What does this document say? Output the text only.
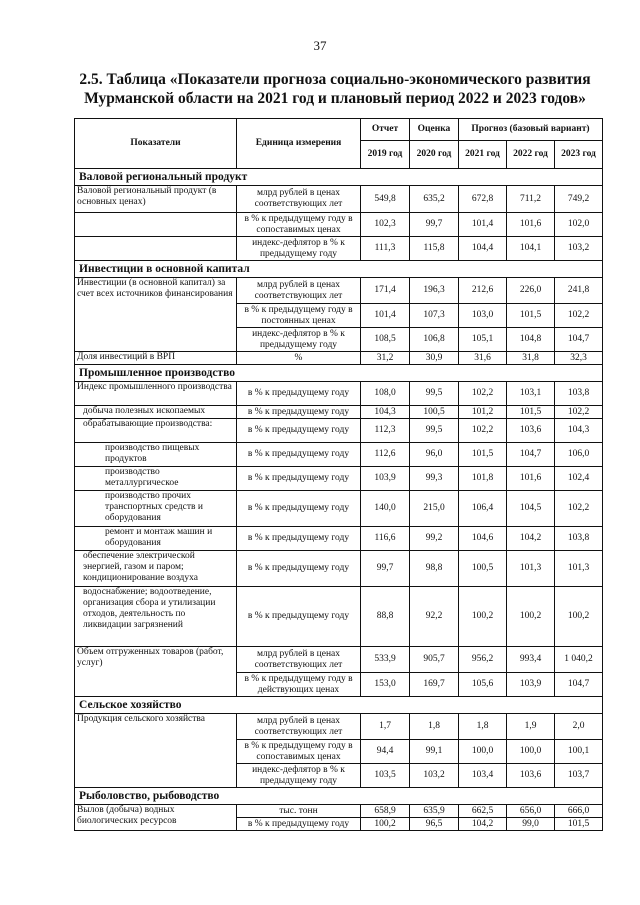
37
2.5. Таблица «Показатели прогноза социально-экономического развития
Мурманской области на 2021 год и плановый период 2022 и 2023 годов»
Показатели	Единица измерения	Отчет	Оценка	Прогноз (базовый вариант)		
		2019 год	2020 год	2021 год	2022 год	2023 год

Валовой региональный продукт						
Валовой региональный продукт (в основных ценах)	млрд рублей в ценах соответствующих лет	549,8	635,2	672,8	711,2	749,2
	в % к предыдущему году в сопоставимых ценах	102,3	99,7	101,4	101,6	102,0
	индекс-дефлятор в % к предыдущему году	111,3	115,8	104,4	104,1	103,2
Инвестиции в основной капитал						
Инвестиции (в основной капитал) за счет всех источников финансирования	млрд рублей в ценах соответствующих лет	171,4	196,3	212,6	226,0	241,8
	в % к предыдущему году в постоянных ценах	101,4	107,3	103,0	101,5	102,2
	индекс-дефлятор в % к предыдущему году	108,5	106,8	105,1	104,8	104,7
Доля инвестиций в ВРП	%	31,2	30,9	31,6	31,8	32,3
Промышленное производство						
Индекс промышленного производства	в % к предыдущему году	108,0	99,5	102,2	103,1	103,8
добыча полезных ископаемых	в % к предыдущему году	104,3	100,5	101,2	101,5	102,2
обрабатывающие производства:	в % к предыдущему году	112,3	99,5	102,2	103,6	104,3
производство пищевых продуктов	в % к предыдущему году	112,6	96,0	101,5	104,7	106,0
производство металлургическое	в % к предыдущему году	103,9	99,3	101,8	101,6	102,4
производство прочих транспортных средств и оборудования	в % к предыдущему году	140,0	215,0	106,4	104,5	102,2
ремонт и монтаж машин и оборудования	в % к предыдущему году	116,6	99,2	104,6	104,2	103,8
обеспечение электрической энергией, газом и паром; кондиционирование воздуха	в % к предыдущему году	99,7	98,8	100,5	101,3	101,3
водоснабжение; водоотведение, организация сбора и утилизации отходов, деятельность по ликвидации загрязнений	в % к предыдущему году	88,8	92,2	100,2	100,2	100,2
Объем отгруженных товаров (работ, услуг)	млрд рублей в ценах соответствующих лет	533,9	905,7	956,2	993,4	1 040,2
	в % к предыдущему году в действующих ценах	153,0	169,7	105,6	103,9	104,7
Сельское хозяйство						
Продукция сельского хозяйства	млрд рублей в ценах соответствующих лет	1,7	1,8	1,8	1,9	2,0
	в % к предыдущему году в сопоставимых ценах	94,4	99,1	100,0	100,0	100,1
	индекс-дефлятор в % к предыдущему году	103,5	103,2	103,4	103,6	103,7
Рыболовство, рыбоводство						
Вылов (добыча) водных биологических ресурсов	тыс. тонн	658,9	635,9	662,5	656,0	666,0
	в % к предыдущему году	100,2	96,5	104,2	99,0	101,5
